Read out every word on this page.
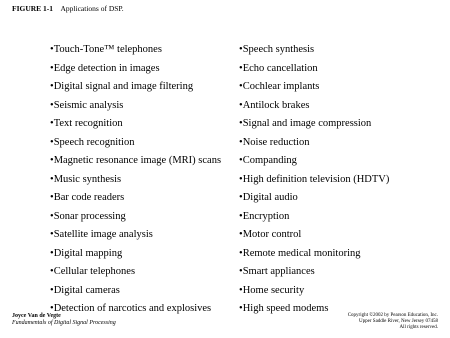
FIGURE 1-1 Applications of DSP.
•Touch-Tone™ telephones
•Edge detection in images
•Digital signal and image filtering
•Seismic analysis
•Text recognition
•Speech recognition
•Magnetic resonance image (MRI) scans
•Music synthesis
•Bar code readers
•Sonar processing
•Satellite image analysis
•Digital mapping
•Cellular telephones
•Digital cameras
•Detection of narcotics and explosives
•Speech synthesis
•Echo cancellation
•Cochlear implants
•Antilock brakes
•Signal and image compression
•Noise reduction
•Companding
•High definition television (HDTV)
•Digital audio
•Encryption
•Motor control
•Remote medical monitoring
•Smart appliances
•Home security
•High speed modems
Joyce Van de Vegte
Fundamentals of Digital Signal Processing
Copyright ©2002 by Pearson Education, Inc.
Upper Saddle River, New Jersey 07458
All rights reserved.
